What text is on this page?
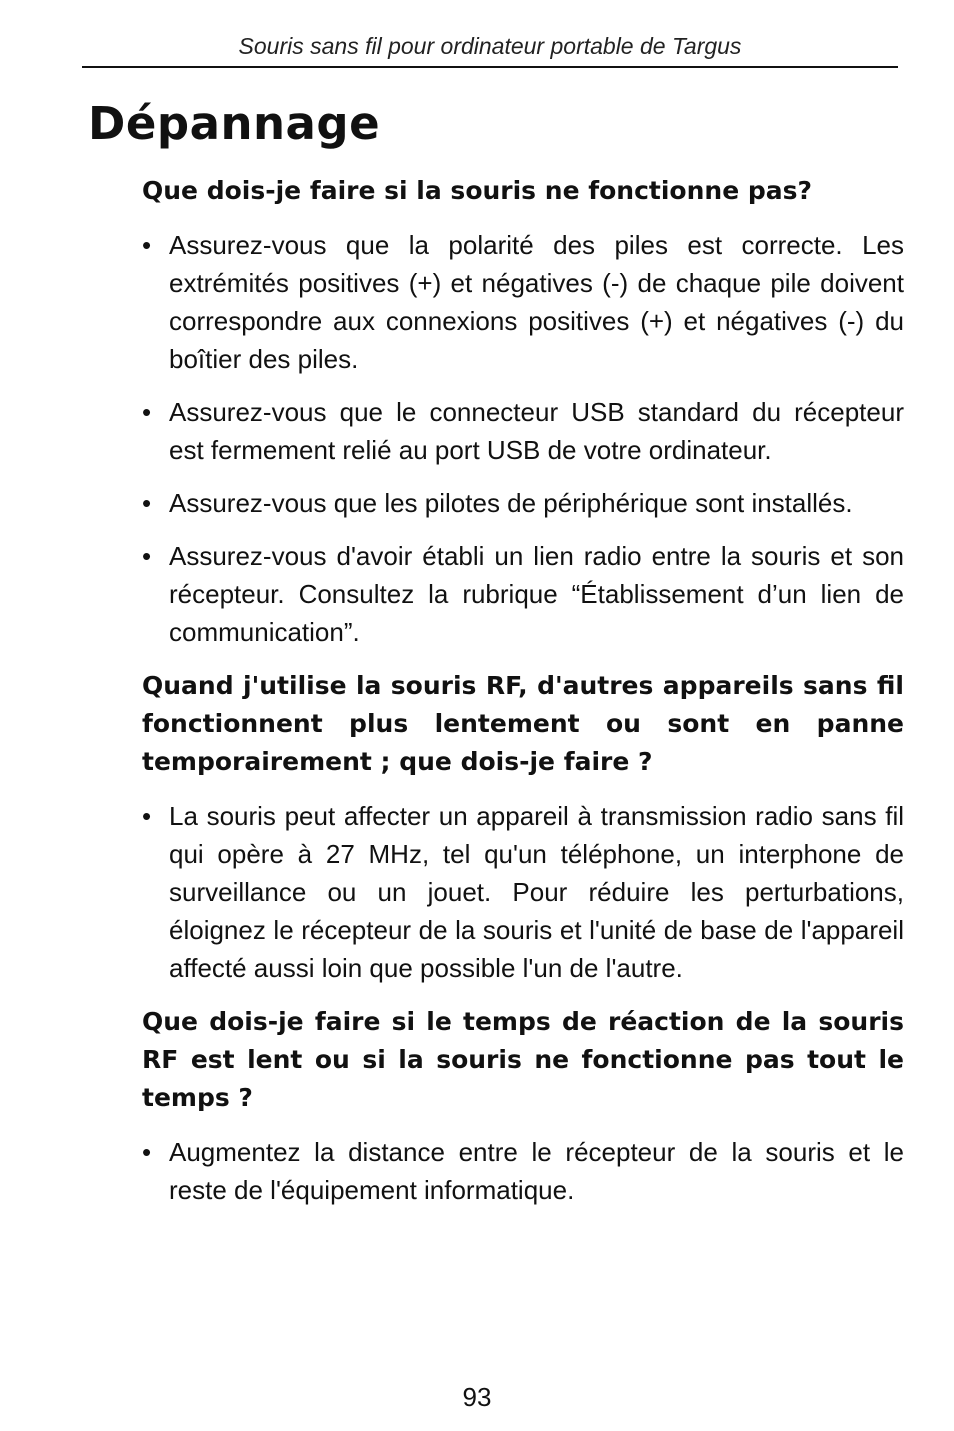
Souris sans fil pour ordinateur portable de Targus
Dépannage
Que dois-je faire si la souris ne fonctionne pas?
• Assurez-vous que la polarité des piles est correcte. Les extrémités positives (+) et négatives (-) de chaque pile doivent correspondre aux connexions positives (+) et négatives (-) du boîtier des piles.
• Assurez-vous que le connecteur USB standard du récepteur est fermement relié au port USB de votre ordinateur.
• Assurez-vous que les pilotes de périphérique sont installés.
• Assurez-vous d'avoir établi un lien radio entre la souris et son récepteur. Consultez la rubrique “Établissement d’un lien de communication”.
Quand j'utilise la souris RF, d'autres appareils sans fil fonctionnent plus lentement ou sont en panne temporairement ; que dois-je faire ?
• La souris peut affecter un appareil à transmission radio sans fil qui opère à 27 MHz, tel qu'un téléphone, un interphone de surveillance ou un jouet. Pour réduire les perturbations, éloignez le récepteur de la souris et l'unité de base de l'appareil affecté aussi loin que possible l'un de l'autre.
Que dois-je faire si le temps de réaction de la souris RF est lent ou si la souris ne fonctionne pas tout le temps ?
• Augmentez la distance entre le récepteur de la souris et le reste de l'équipement informatique.
93
